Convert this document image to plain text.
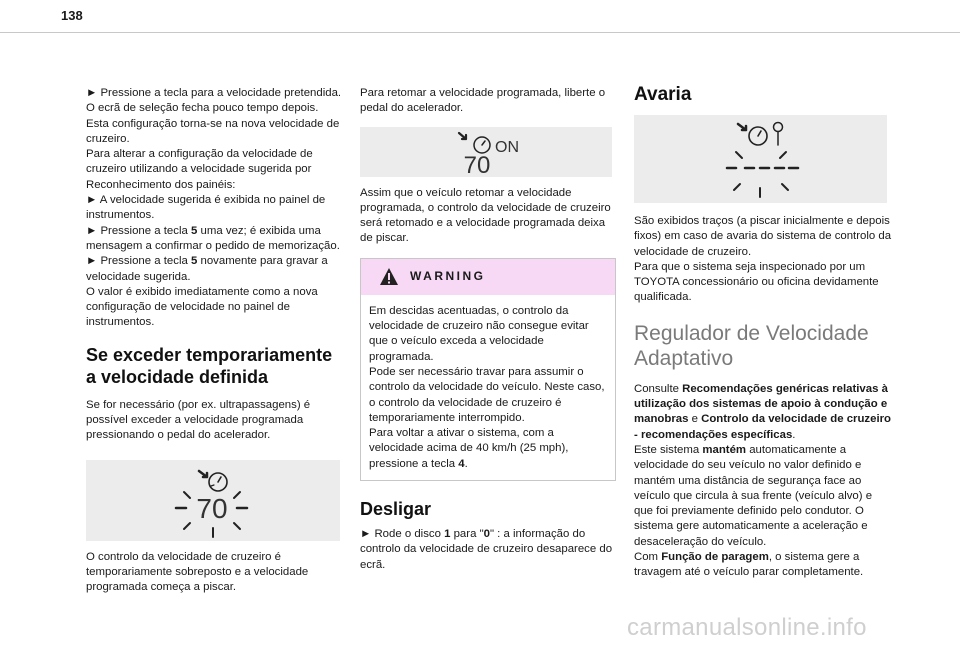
138

► Pressione a tecla para a velocidade pretendida.

O ecrã de seleção fecha pouco tempo depois.

Esta configuração torna-se na nova velocidade de cruzeiro.

Para alterar a configuração da velocidade de cruzeiro utilizando a velocidade sugerida por Reconhecimento dos painéis:

► A velocidade sugerida é exibida no painel de instrumentos.

► Pressione a tecla 5 uma vez; é exibida uma mensagem a confirmar o pedido de memorização.

► Pressione a tecla 5 novamente para gravar a velocidade sugerida.

O valor é exibido imediatamente como a nova configuração de velocidade no painel de instrumentos.

Se exceder temporariamente a velocidade definida

Se for necessário (por ex. ultrapassagens) é possível exceder a velocidade programada pressionando o pedal do acelerador.

70

O controlo da velocidade de cruzeiro é temporariamente sobreposto e a velocidade programada começa a piscar.

Para retomar a velocidade programada, liberte o pedal do acelerador.

70
ON

Assim que o veículo retomar a velocidade programada, o controlo da velocidade de cruzeiro será retomado e a velocidade programada deixa de piscar.

WARNING

Em descidas acentuadas, o controlo da velocidade de cruzeiro não consegue evitar que o veículo exceda a velocidade programada.

Pode ser necessário travar para assumir o controlo da velocidade do veículo. Neste caso, o controlo da velocidade de cruzeiro é temporariamente interrompido.

Para voltar a ativar o sistema, com a velocidade acima de 40 km/h (25 mph), pressione a tecla 4.

Desligar

► Rode o disco 1 para "0" : a informação do controlo da velocidade de cruzeiro desaparece do ecrã.

Avaria

São exibidos traços (a piscar inicialmente e depois fixos) em caso de avaria do sistema de controlo da velocidade de cruzeiro.

Para que o sistema seja inspecionado por um TOYOTA concessionário ou oficina devidamente qualificada.

Regulador de Velocidade Adaptativo

Consulte Recomendações genéricas relativas à utilização dos sistemas de apoio à condução e manobras e Controlo da velocidade de cruzeiro - recomendações específicas.

Este sistema mantém automaticamente a velocidade do seu veículo no valor definido e mantém uma distância de segurança face ao veículo que circula à sua frente (veículo alvo) e que foi previamente definido pelo condutor. O sistema gere automaticamente a aceleração e desaceleração do veículo.

Com Função de paragem, o sistema gere a travagem até o veículo parar completamente.

carmanualsonline.info
